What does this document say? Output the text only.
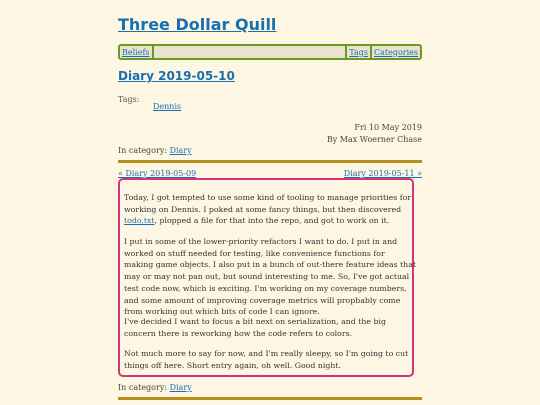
Three Dollar Quill
Beliefs	Tags Categories
Diary 2019-05-10
Tags:
Dennis
Fri 10 May 2019
By Max Woerner Chase
In category: Diary
« Diary 2019-05-09	Diary 2019-05-11 »

Today, I got tempted to use some kind of tooling to manage priorities for working on Dennis. I poked at some fancy things, but then discovered todo.txt, plopped a file for that into the repo, and got to work on it.

I put in some of the lower-priority refactors I want to do. I put in and worked on stuff needed for testing, like convenience functions for making game objects. I also put in a bunch of out-there feature ideas that may or may not pan out, but sound interesting to me. So, I've got actual test code now, which is exciting. I'm working on my coverage numbers, and some amount of improving coverage metrics will propbably come from working out which bits of code I can ignore.

I've decided I want to focus a bit next on serialization, and the big concern there is reworking how the code refers to colors.

Not much more to say for now, and I'm really sleepy, so I'm going to cut things off here. Short entry again, oh well. Good night.

In category: Diary
